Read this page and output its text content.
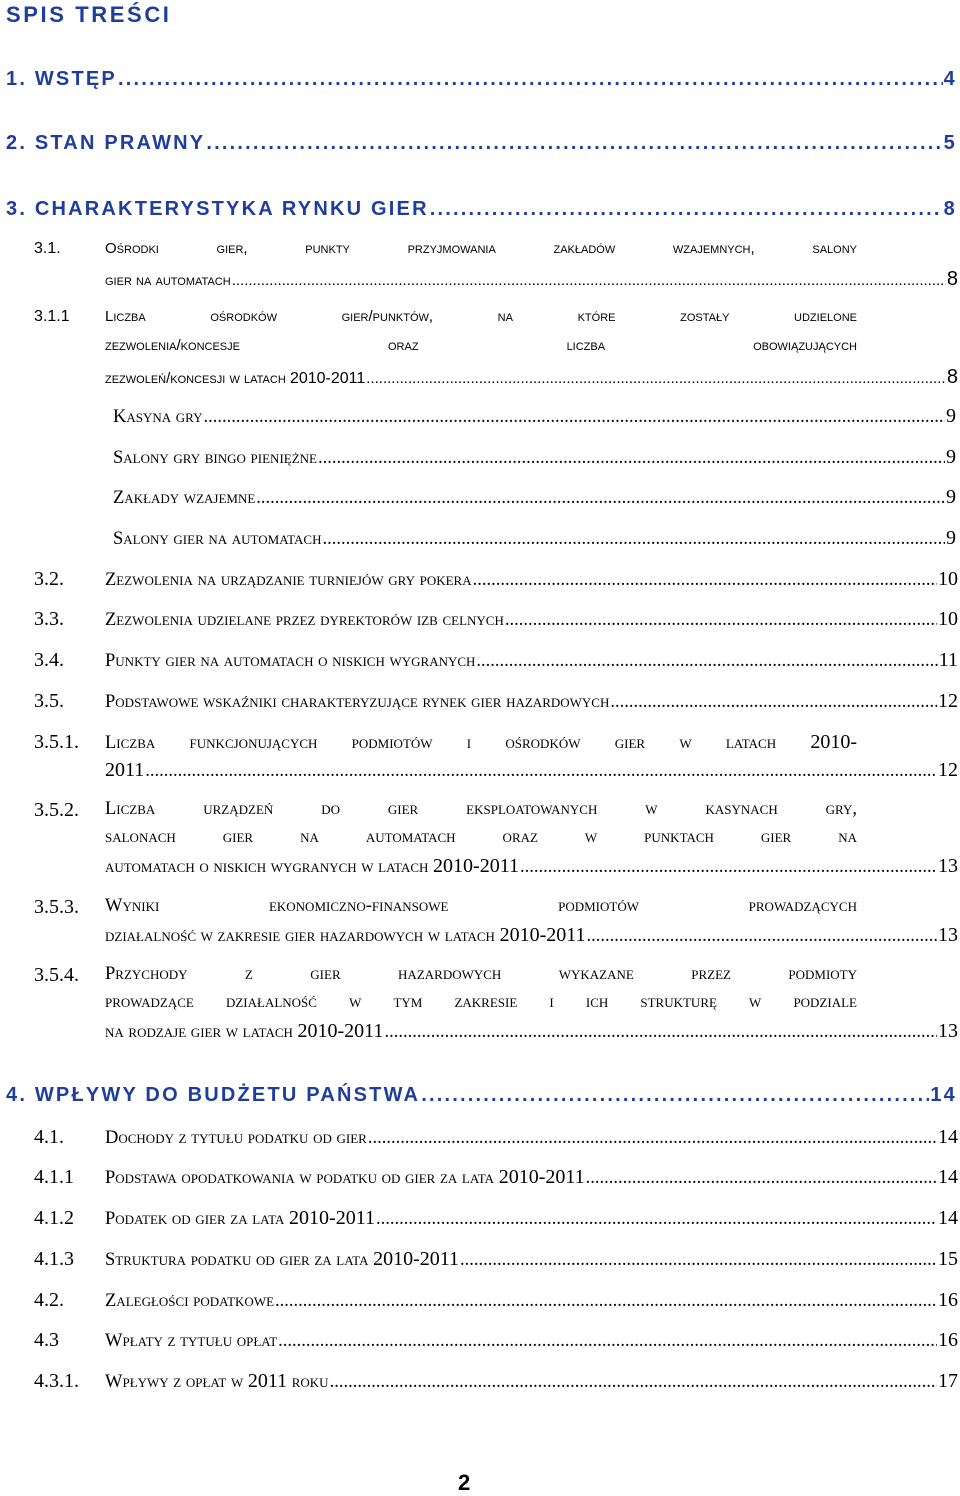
SPIS TREŚCI
1. WSTĘP .....	4
2. STAN PRAWNY .....	5
3. CHARAKTERYSTYKA RYNKU GIER .....	8
3.1.	Ośrodki gier, punkty przyjmowania zakładów wzajemnych, salony
gier na automatach .....	8
3.1.1 Liczba ośrodków gier/punktów, na które zostały udzielone
zezwolenia/koncesje oraz liczba obowiązujących
zezwoleń/koncesji w latach 2010-2011 .....	8
Kasyna gry .....	9
Salony gry bingo pieniężne .....	9
Zakłady wzajemne .....	9
Salony gier na automatach .....	9
3.2. Zezwolenia na urządzanie turniejów gry pokera .....	10
3.3. Zezwolenia udzielane przez dyrektorów izb celnych .....	10
3.4. Punkty gier na automatach o niskich wygranych .....	11
3.5. Podstawowe wskaźniki charakteryzujące rynek gier hazardowych .....	12
3.5.1. Liczba funkcjonujących podmiotów i ośrodków gier w latach 2010-
2011 .....	12
3.5.2. Liczba urządzeń do gier eksploatowanych w kasynach gry,
salonach gier na automatach oraz w punktach gier na
automatach o niskich wygranych w latach 2010-2011 .....	13
3.5.3. Wyniki ekonomiczno-finansowe podmiotów prowadzących
działalność w zakresie gier hazardowych w latach 2010-2011 .....	13
3.5.4. Przychody z gier hazardowych wykazane przez podmioty
prowadzące działalność w tym zakresie i ich strukturę w podziale
na rodzaje gier w latach 2010-2011 .....	13
4. WPŁYWY DO BUDŻETU PAŃSTWA .....	14
4.1. Dochody z tytułu podatku od gier .....	14
4.1.1 Podstawa opodatkowania w podatku od gier za lata 2010-2011 .....	14
4.1.2 Podatek od gier za lata 2010-2011 .....	14
4.1.3 Struktura podatku od gier za lata 2010-2011 .....	15
4.2. Zaległości podatkowe .....	16
4.3 Wpłaty z tytułu opłat .....	16
4.3.1. Wpływy z opłat w 2011 roku .....	17
2
